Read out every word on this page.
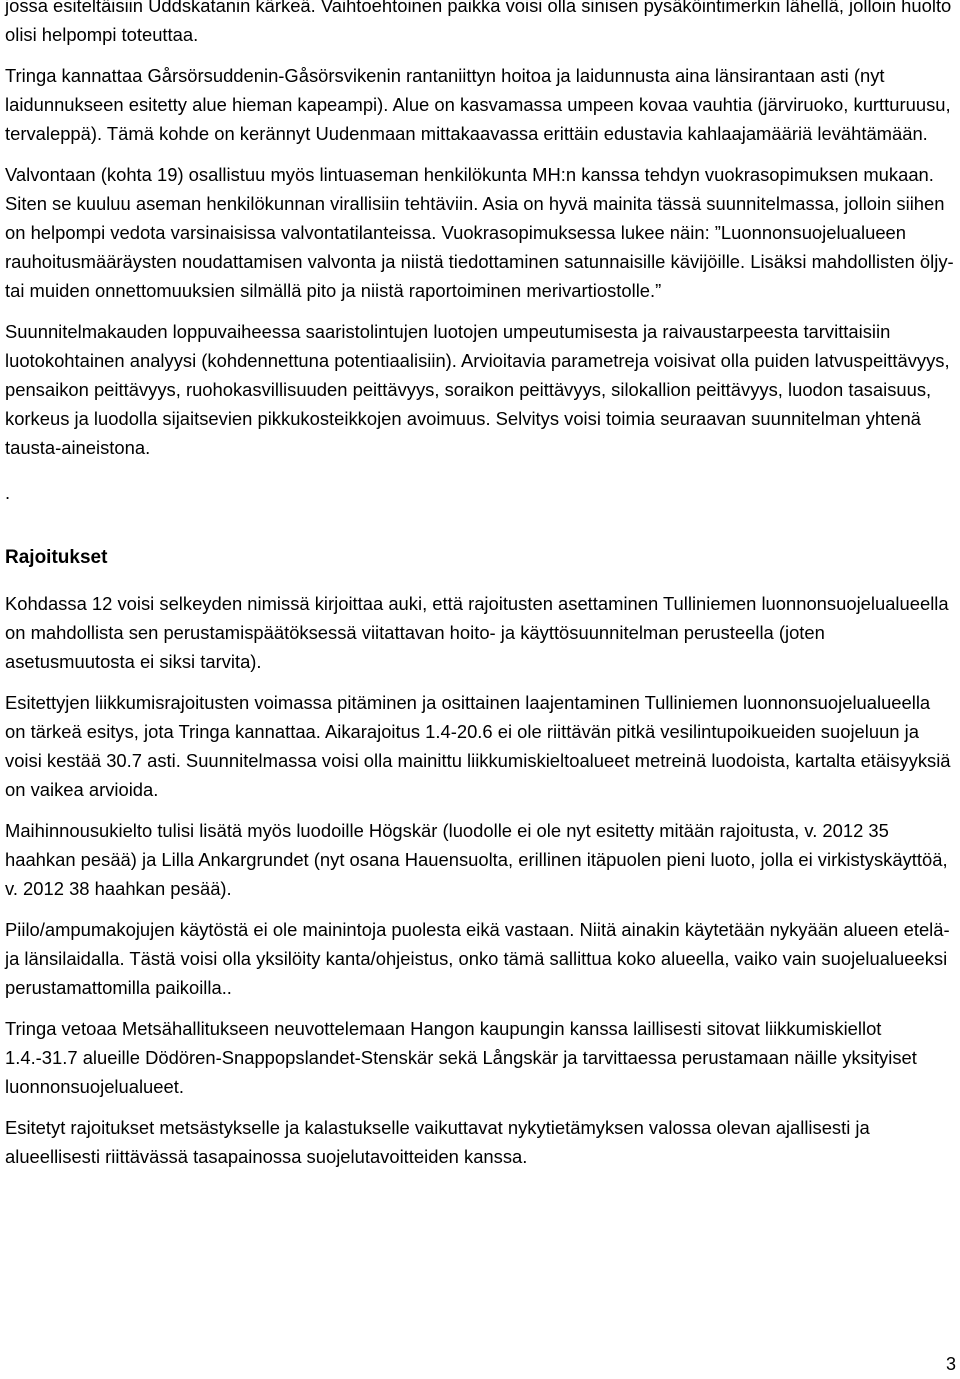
jossa esiteltäisiin Uddskatanin kärkeä. Vaihtoehtoinen paikka voisi olla sinisen pysäköintimerkin lähellä, jolloin huolto olisi helpompi toteuttaa.

Tringa kannattaa Gårsörsuddenin-Gåsörsvikenin rantaniittyn hoitoa ja laidunnusta aina länsirantaan asti (nyt laidunnukseen esitetty alue hieman kapeampi). Alue on kasvamassa umpeen kovaa vauhtia (järviruoko, kurtturuusu, tervaleppä). Tämä kohde on kerännyt Uudenmaan mittakaavassa erittäin edustavia kahlaajamääriä levähtämään.

Valvontaan (kohta 19) osallistuu myös lintuaseman henkilökunta MH:n kanssa tehdyn vuokrasopimuksen mukaan. Siten se kuuluu aseman henkilökunnan virallisiin tehtäviin. Asia on hyvä mainita tässä suunnitelmassa, jolloin siihen on helpompi vedota varsinaisissa valvontatilanteissa. Vuokrasopimuksessa lukee näin: ”Luonnonsuojelualueen rauhoitusmääräysten noudattamisen valvonta ja niistä tiedottaminen satunnaisille kävijöille. Lisäksi mahdollisten öljy- tai muiden onnettomuuksien silmällä pito ja niistä raportoiminen merivartiostolle.”

Suunnitelmakauden loppuvaiheessa saaristolintujen luotojen umpeutumisesta ja raivaustarpeesta tarvittaisiin luotokohtainen analyysi (kohdennettuna potentiaalisiin). Arvioitavia parametreja voisivat olla puiden latvuspeittävyys, pensaikon peittävyys, ruohokasvillisuuden peittävyys, soraikon peittävyys, silokallion peittävyys, luodon tasaisuus, korkeus ja luodolla sijaitsevien pikkukosteikkojen avoimuus. Selvitys voisi toimia seuraavan suunnitelman yhtenä tausta-aineistona.

.
Rajoitukset

Kohdassa 12 voisi selkeyden nimissä kirjoittaa auki, että rajoitusten asettaminen Tulliniemen luonnonsuojelualueella on mahdollista sen perustamispäätöksessä viitattavan hoito- ja käyttösuunnitelman perusteella (joten asetusmuutosta ei siksi tarvita).

Esitettyjen liikkumisrajoitusten voimassa pitäminen ja osittainen laajentaminen Tulliniemen luonnonsuojelualueella on tärkeä esitys, jota Tringa kannattaa. Aikarajoitus 1.4-20.6 ei ole riittävän pitkä vesilintupoikueiden suojeluun ja voisi kestää 30.7 asti. Suunnitelmassa voisi olla mainittu liikkumiskieltoalueet metreinä luodoista, kartalta etäisyyksiä on vaikea arvioida.

Maihinnousukielto tulisi lisätä myös luodoille Högskär (luodolle ei ole nyt esitetty mitään rajoitusta, v. 2012 35 haahkan pesää) ja Lilla Ankargrundet (nyt osana Hauensuolta, erillinen itäpuolen pieni luoto, jolla ei virkistyskäyttöä, v. 2012 38 haahkan pesää).

Piilo/ampumakojujen käytöstä ei ole mainintoja puolesta eikä vastaan. Niitä ainakin käytetään nykyään alueen etelä- ja länsilaidalla. Tästä voisi olla yksilöity kanta/ohjeistus, onko tämä sallittua koko alueella, vaiko vain suojelualueeksi perustamattomilla paikoilla..

Tringa vetoaa Metsähallitukseen neuvottelemaan Hangon kaupungin kanssa laillisesti sitovat liikkumiskiellot 1.4.-31.7 alueille Dödören-Snappopslandet-Stenskär sekä Långskär ja tarvittaessa perustamaan näille yksityiset luonnonsuojelualueet.

Esitetyt rajoitukset metsästykselle ja kalastukselle vaikuttavat nykytietämyksen valossa olevan ajallisesti ja alueellisesti riittävässä tasapainossa suojelutavoitteiden kanssa.

3
